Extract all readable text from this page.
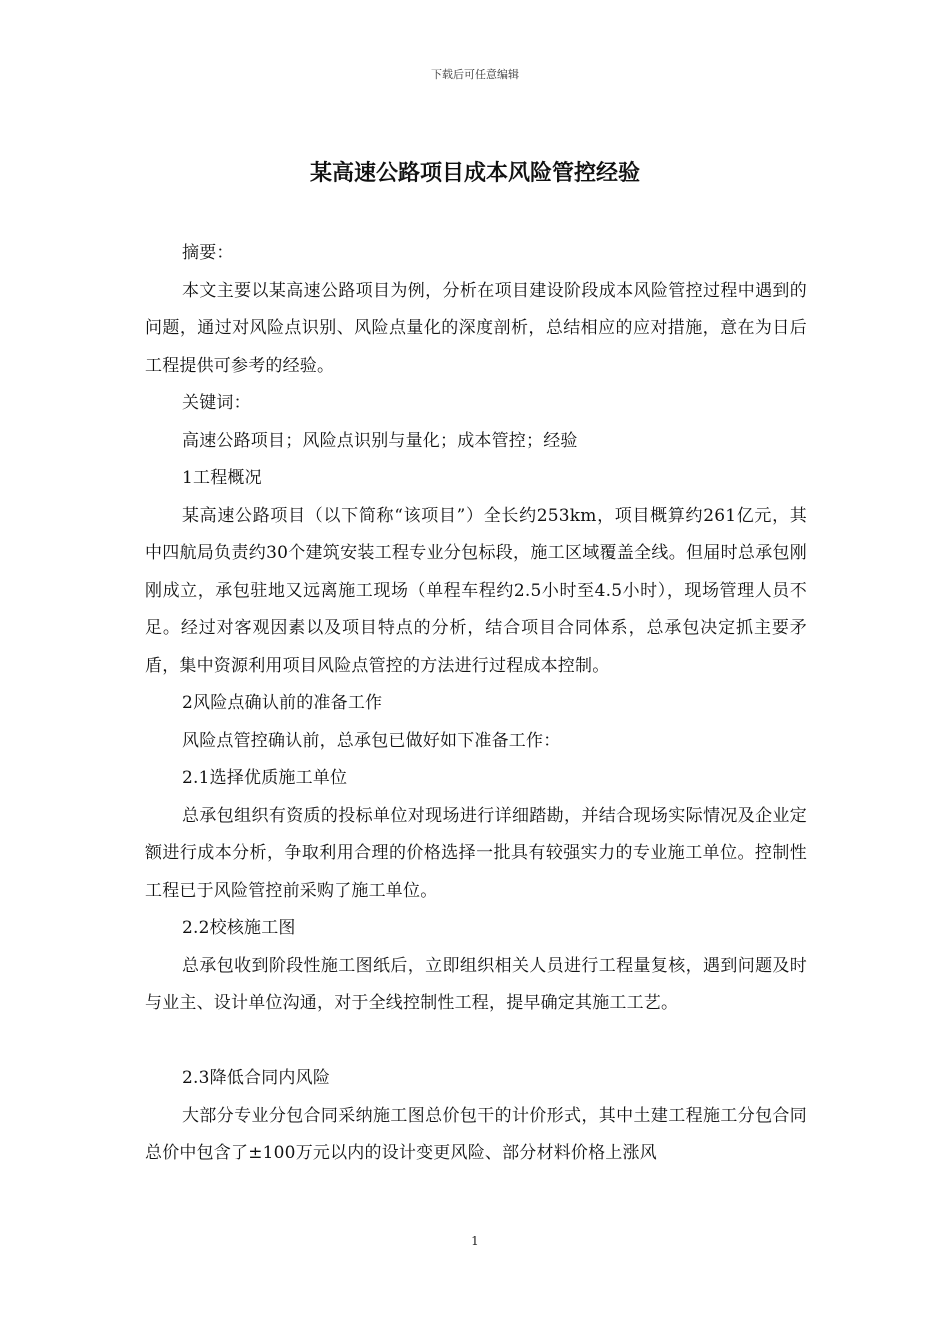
下载后可任意编辑
某高速公路项目成本风险管控经验

摘要：

本文主要以某高速公路项目为例，分析在项目建设阶段成本风险管控过程中遇到的问题，通过对风险点识别、风险点量化的深度剖析，总结相应的应对措施，意在为日后工程提供可参考的经验。

关键词：

高速公路项目；风险点识别与量化；成本管控；经验

1工程概况

某高速公路项目（以下简称“该项目”）全长约253km，项目概算约261亿元，其中四航局负责约30个建筑安装工程专业分包标段，施工区域覆盖全线。但届时总承包刚刚成立，承包驻地又远离施工现场（单程车程约2.5小时至4.5小时），现场管理人员不足。经过对客观因素以及项目特点的分析，结合项目合同体系，总承包决定抓主要矛盾，集中资源利用项目风险点管控的方法进行过程成本控制。

2风险点确认前的准备工作

风险点管控确认前，总承包已做好如下准备工作：

2.1选择优质施工单位

总承包组织有资质的投标单位对现场进行详细踏勘，并结合现场实际情况及企业定额进行成本分析，争取利用合理的价格选择一批具有较强实力的专业施工单位。控制性工程已于风险管控前采购了施工单位。

2.2校核施工图

总承包收到阶段性施工图纸后，立即组织相关人员进行工程量复核，遇到问题及时与业主、设计单位沟通，对于全线控制性工程，提早确定其施工工艺。

2.3降低合同内风险

大部分专业分包合同采纳施工图总价包干的计价形式，其中土建工程施工分包合同总价中包含了±100万元以内的设计变更风险、部分材料价格上涨风

1
